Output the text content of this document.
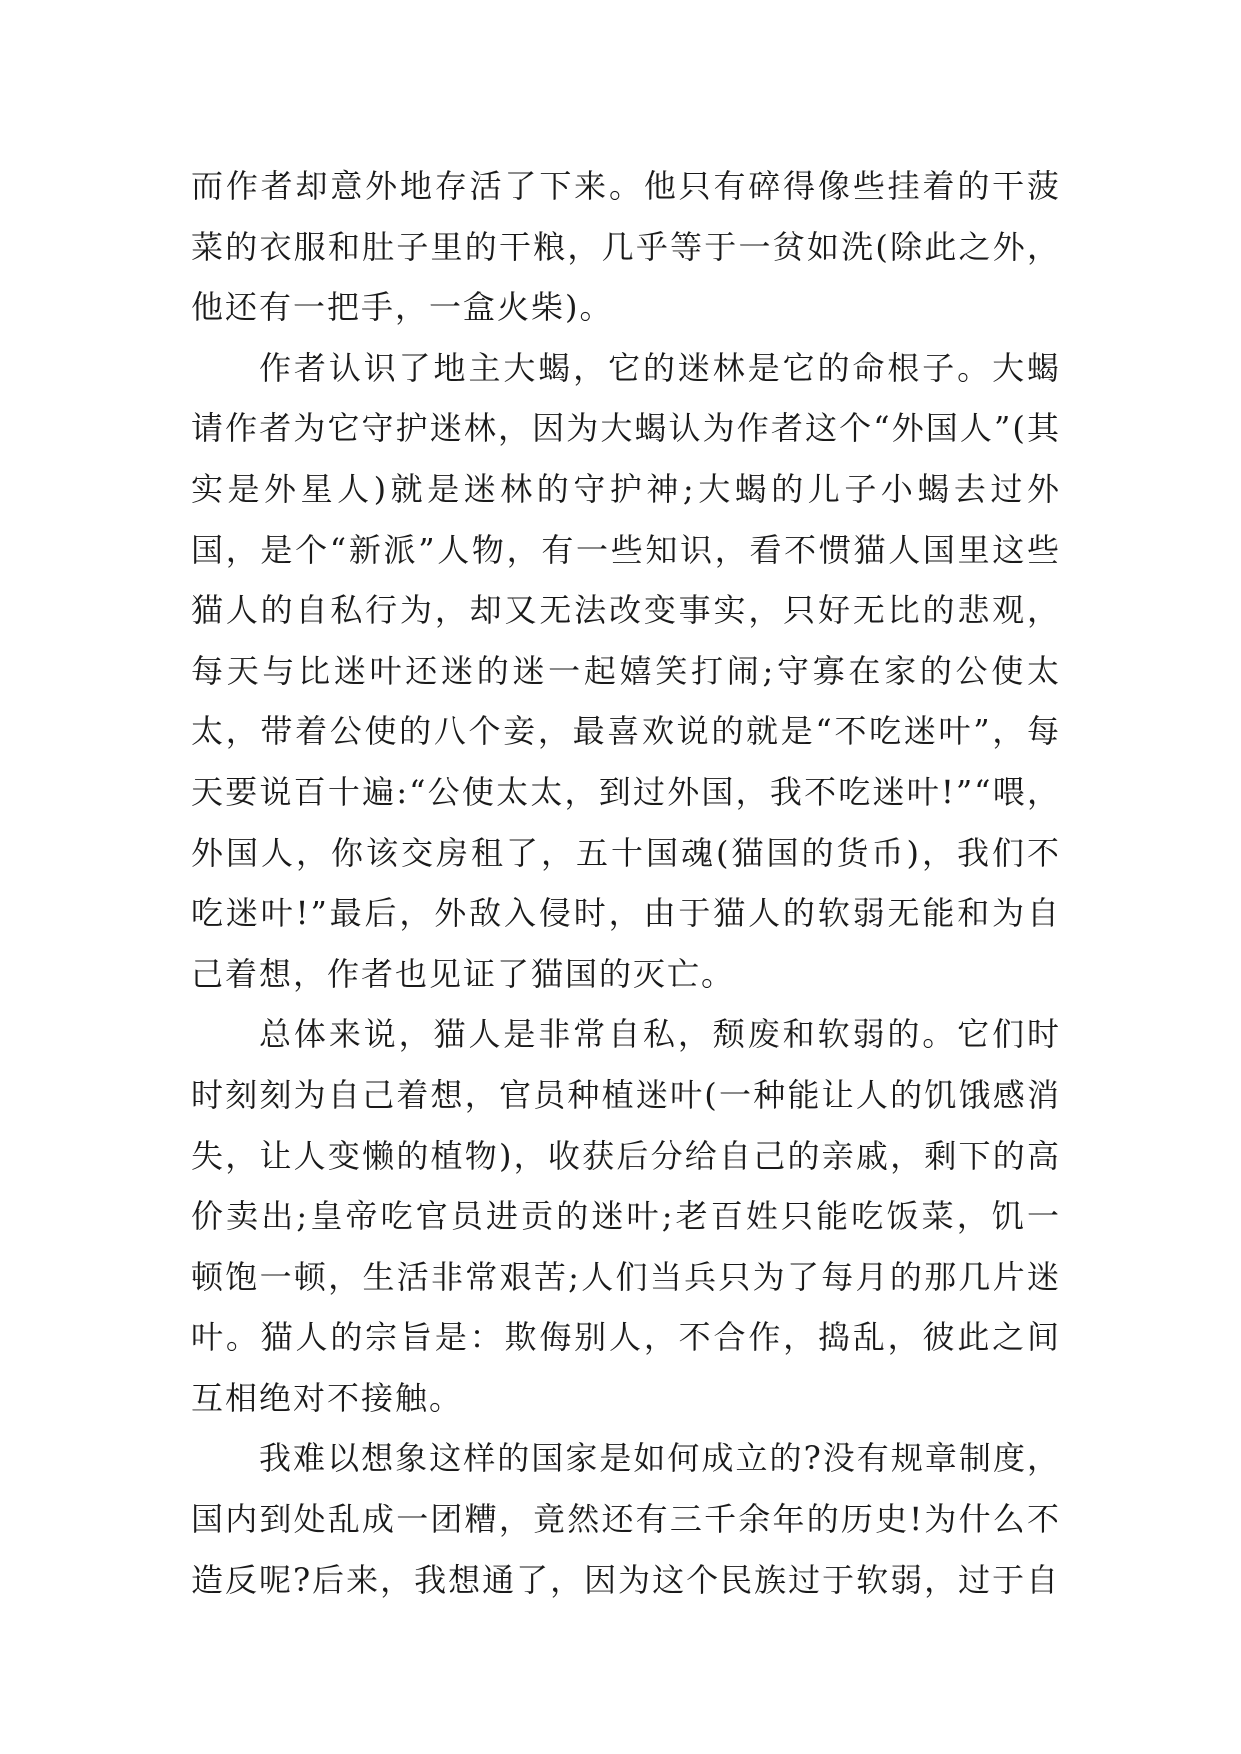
而作者却意外地存活了下来。他只有碎得像些挂着的干菠菜的衣服和肚子里的干粮，几乎等于一贫如洗(除此之外，他还有一把手，一盒火柴)。

作者认识了地主大蝎，它的迷林是它的命根子。大蝎请作者为它守护迷林，因为大蝎认为作者这个“外国人”(其实是外星人)就是迷林的守护神;大蝎的儿子小蝎去过外国，是个“新派”人物，有一些知识，看不惯猫人国里这些猫人的自私行为，却又无法改变事实，只好无比的悲观，每天与比迷叶还迷的迷一起嬉笑打闹;守寡在家的公使太太，带着公使的八个妾，最喜欢说的就是“不吃迷叶”，每天要说百十遍:“公使太太，到过外国，我不吃迷叶!”“喂，外国人，你该交房租了，五十国魂(猫国的货币)，我们不吃迷叶!”最后，外敌入侵时，由于猫人的软弱无能和为自己着想，作者也见证了猫国的灭亡。

总体来说，猫人是非常自私，颓废和软弱的。它们时时刻刻为自己着想，官员种植迷叶(一种能让人的饥饿感消失，让人变懒的植物)，收获后分给自己的亲戚，剩下的高价卖出;皇帝吃官员进贡的迷叶;老百姓只能吃饭菜，饥一顿饱一顿，生活非常艰苦;人们当兵只为了每月的那几片迷叶。猫人的宗旨是：欺侮别人，不合作，捣乱，彼此之间互相绝对不接触。

我难以想象这样的国家是如何成立的?没有规章制度，国内到处乱成一团糟，竟然还有三千余年的历史!为什么不造反呢?后来，我想通了，因为这个民族过于软弱，过于自
